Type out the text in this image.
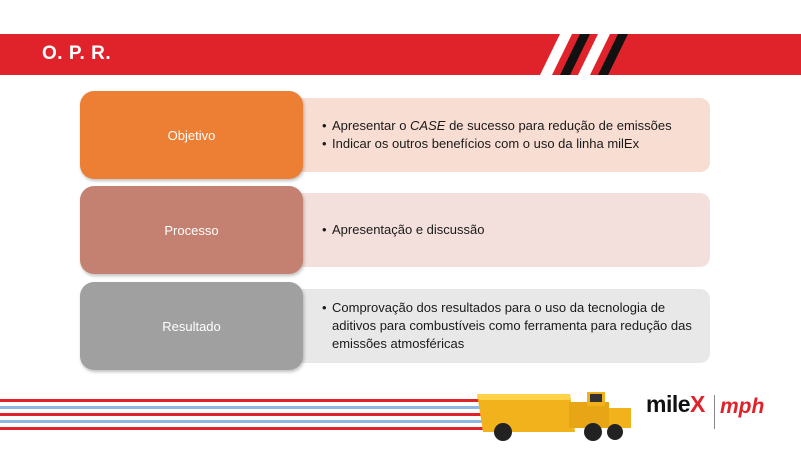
O. P. R.
Objetivo
• Apresentar o CASE de sucesso para redução de emissões
• Indicar os outros benefícios com o uso da linha milEx
Processo
•	Apresentação e discussão
Resultado
• Comprovação dos resultados para o uso da tecnologia de aditivos para combustíveis como ferramenta para redução das emissões atmosféricas
mileX mph
